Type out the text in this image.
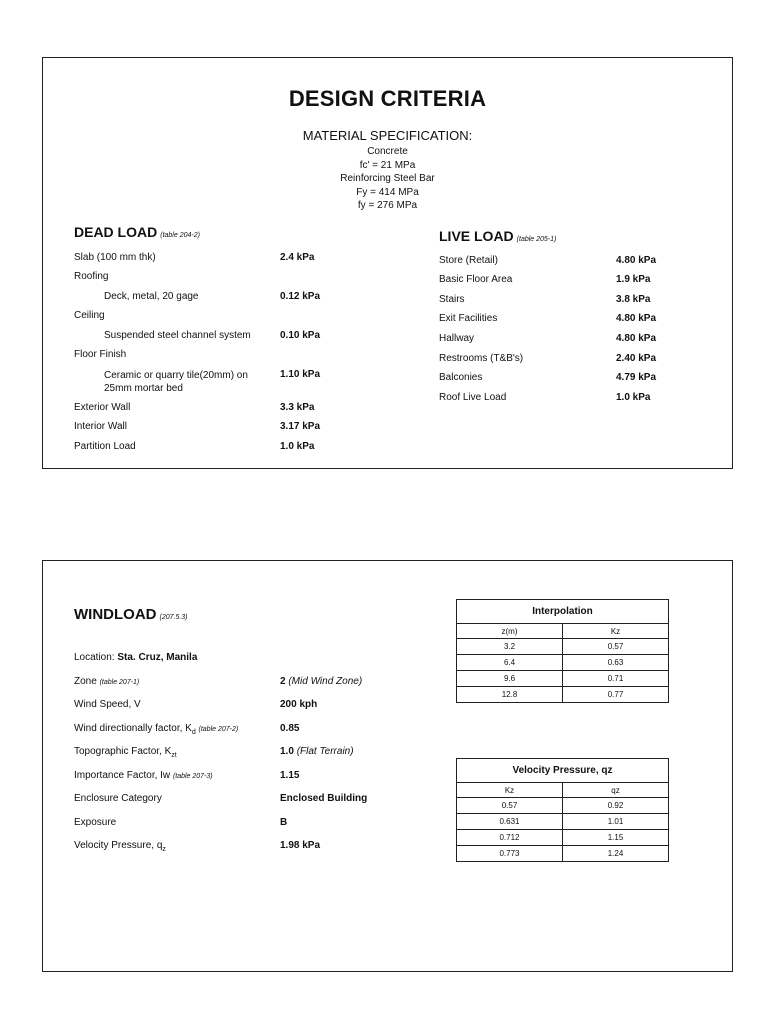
DESIGN CRITERIA
MATERIAL SPECIFICATION:
Concrete
fc' = 21 MPa
Reinforcing Steel Bar
Fy = 414 MPa
fy = 276 MPa
DEAD LOAD (table 204-2)
Slab (100 mm thk)	2.4 kPa
Roofing
Deck, metal, 20 gage	0.12 kPa
Ceiling
Suspended steel channel system	0.10 kPa
Floor Finish
Ceramic or quarry tile(20mm) on 25mm mortar bed
1.10 kPa
Exterior Wall	3.3 kPa
Interior Wall	3.17 kPa
Partition Load	1.0 kPa
LIVE LOAD (table 205-1)
Store (Retail)	4.80 kPa
Basic Floor Area	1.9 kPa
Stairs	3.8 kPa
Exit Facilities	4.80 kPa
Hallway	4.80 kPa
Restrooms (T&B's)	2.40 kPa
Balconies	4.79 kPa
Roof Live Load	1.0 kPa
WINDLOAD (207.5.3)
Location: Sta. Cruz, Manila
Zone (table 207-1)	2 (Mid Wind Zone)
Wind Speed, V	200 kph
Wind directionally factor, $K_d$ (table 207-2)	0.85
Topographic Factor, $K_{zt}$	1.0 (Flat Terrain)
Importance Factor, Iw (table 207-3)	1.15
Enclosure Category	Enclosed Building
Exposure	B
Velocity Pressure, $q_z$	1.98 kPa
Interpolation	
z(m)	Kz
3.2	0.57
6.4	0.63
9.6	0.71
12.8	0.77
Velocity Pressure, qz	
Kz	qz
0.57	0.92
0.631	1.01
0.712	1.15
0.773	1.24
